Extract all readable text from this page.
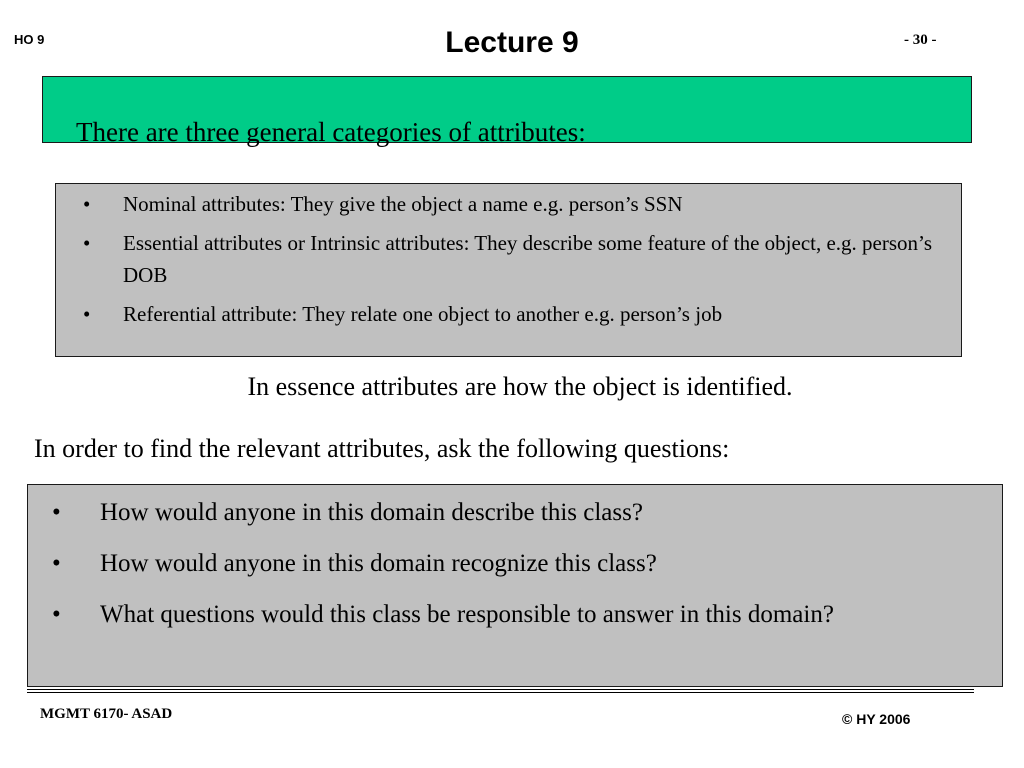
HO 9	Lecture 9	- 30 -
There are three general categories of attributes:
• Nominal attributes: They give the object a name e.g. person’s SSN
• Essential attributes or Intrinsic attributes: They describe some feature of the object, e.g. person’s DOB
• Referential attribute: They relate one object to another e.g. person’s job
In essence attributes are how the object is identified.
In order to find the relevant attributes, ask the following questions:
• How would anyone in this domain describe this class?
• How would anyone in this domain recognize this class?
• What questions would this class be responsible to answer in this domain?
MGMT 6170- ASAD	© HY 2006
